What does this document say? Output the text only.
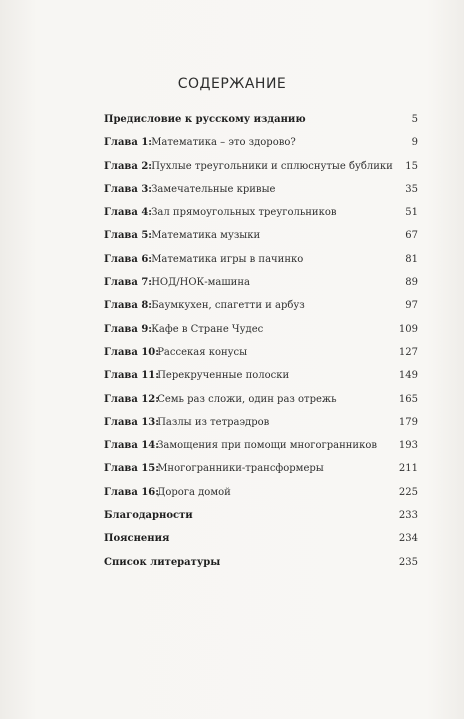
СОДЕРЖАНИЕ
Предисловие к русскому изданию	5
Глава 1: Математика – это здорово?	9
Глава 2: Пухлые треугольники и сплюснутые бублики 15
Глава 3: Замечательные кривые	35
Глава 4: Зал прямоугольных треугольников	51
Глава 5: Математика музыки	67
Глава 6: Математика игры в пачинко	81
Глава 7: НОД/НОК-машина	89
Глава 8: Баумкухен, спагетти и арбуз	97
Глава 9: Кафе в Стране Чудес	109
Глава 10: Рассекая конусы	127
Глава 11: Перекрученные полоски	149
Глава 12: Семь раз сложи, один раз отрежь	165
Глава 13: Пазлы из тетраэдров	179
Глава 14: Замощения при помощи многогранников 193
Глава 15: Многогранники-трансформеры	211
Глава 16: Дорога домой	225
Благодарности	233
Пояснения	234
Список литературы	235
